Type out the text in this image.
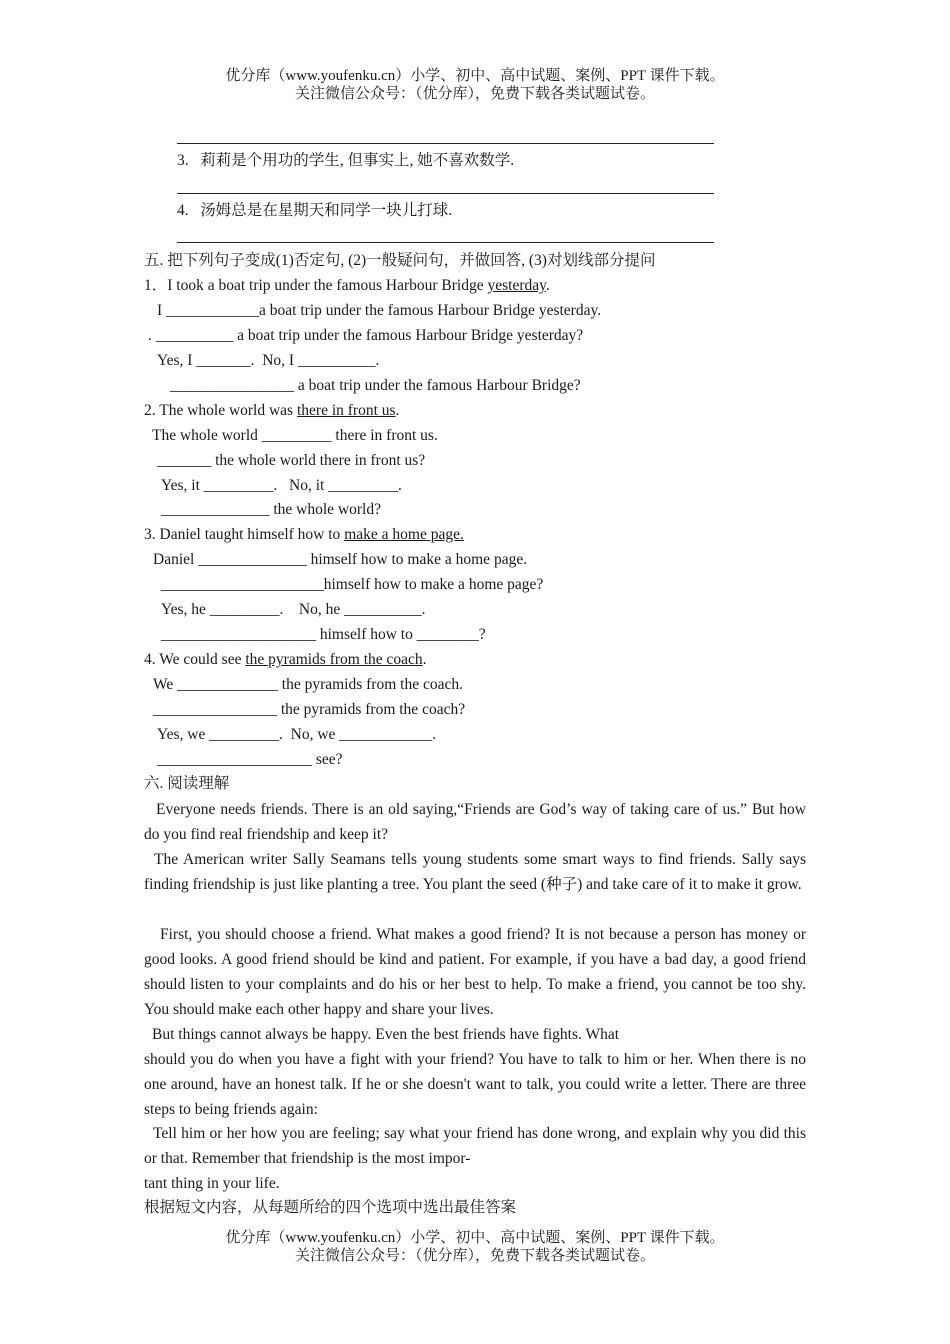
优分库（www.youfenku.cn）小学、初中、高中试题、案例、PPT 课件下载。
关注微信公众号：（优分库），免费下载各类试题试卷。
3.   莉莉是个用功的学生, 但事实上, 她不喜欢数学.
4.   汤姆总是在星期天和同学一块儿打球.
五. 把下列句子变成(1)否定句, (2)一般疑问句，并做回答, (3)对划线部分提问
1．I took a boat trip under the famous Harbour Bridge yesterday.
I ____________a boat trip under the famous Harbour Bridge yesterday.
. __________ a boat trip under the famous Harbour Bridge yesterday?
Yes, I _______.  No, I __________.
________________ a boat trip under the famous Harbour Bridge?
2. The whole world was there in front us.
The whole world _________ there in front us.
_______ the whole world there in front us?
Yes, it _________.   No, it _________.
______________ the whole world?
3. Daniel taught himself how to make a home page.
Daniel ______________ himself how to make a home page.
_____________________himself how to make a home page?
Yes, he _________.    No, he __________.
____________________ himself how to ________?
4. We could see the pyramids from the coach.
We _____________ the pyramids from the coach.
________________ the pyramids from the coach?
Yes, we _________.  No, we ____________.
____________________ see?
六. 阅读理解
Everyone needs friends. There is an old saying,“Friends are God’s way of taking care of us.” But how do you find real friendship and keep it?
The American writer Sally Seamans tells young students some smart ways to find friends. Sally says finding friendship is just like planting a tree. You plant the seed (种子) and take care of it to make it grow.
First, you should choose a friend. What makes a good friend? It is not because a person has money or good looks. A good friend should be kind and patient. For example, if you have a bad day, a good friend should listen to your complaints and do his or her best to help. To make a friend, you cannot be too shy. You should make each other happy and share your lives.
But things cannot always be happy. Even the best friends have fights. What
should you do when you have a fight with your friend? You have to talk to him or her. When there is no one around, have an honest talk. If he or she doesn't want to talk, you could write a letter. There are three steps to being friends again:
Tell him or her how you are feeling; say what your friend has done wrong, and explain why you did this or that. Remember that friendship is the most impor-
tant thing in your life.
根据短文内容，从每题所给的四个选项中选出最佳答案
优分库（www.youfenku.cn）小学、初中、高中试题、案例、PPT 课件下载。
关注微信公众号：（优分库），免费下载各类试题试卷。
